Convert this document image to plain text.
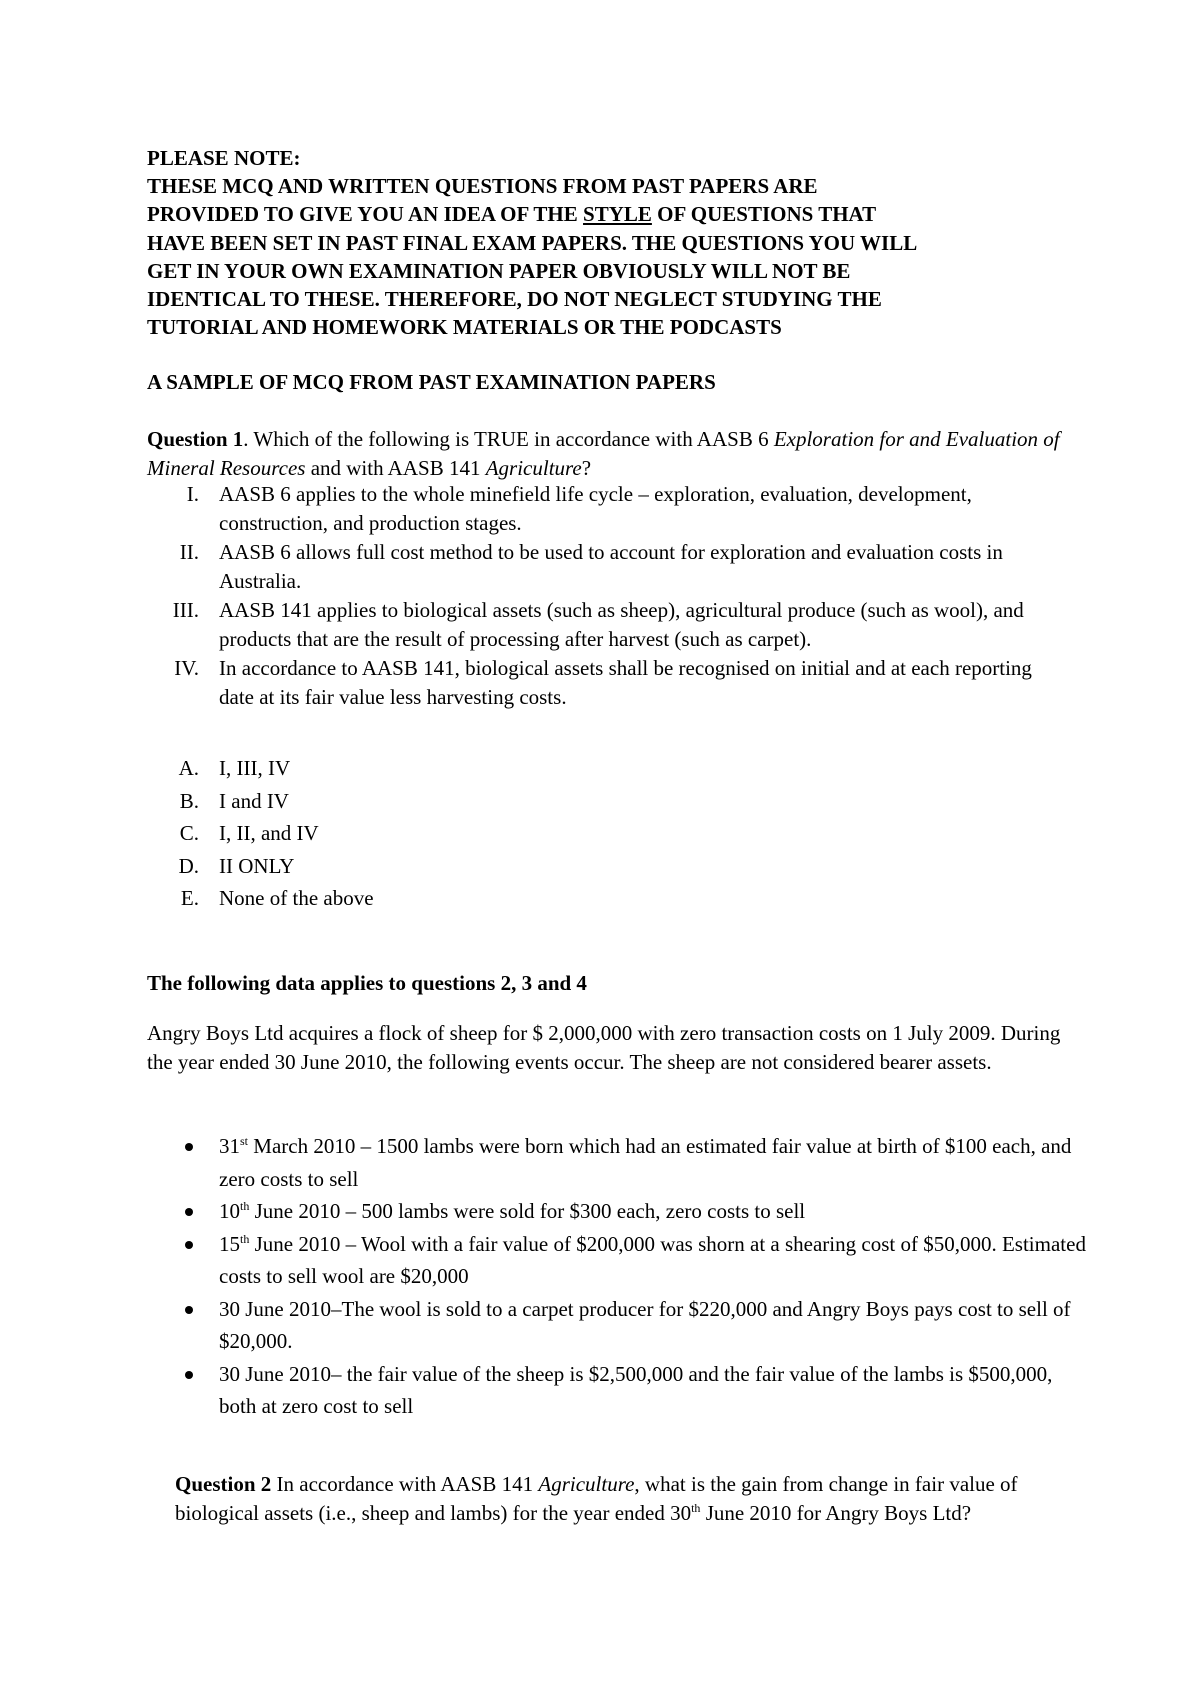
PLEASE NOTE:
THESE MCQ AND WRITTEN QUESTIONS FROM PAST PAPERS ARE
PROVIDED TO GIVE YOU AN IDEA OF THE STYLE OF QUESTIONS THAT
HAVE BEEN SET IN PAST FINAL EXAM PAPERS. THE QUESTIONS YOU WILL
GET IN YOUR OWN EXAMINATION PAPER OBVIOUSLY WILL NOT BE
IDENTICAL TO THESE. THEREFORE, DO NOT NEGLECT STUDYING THE
TUTORIAL AND HOMEWORK MATERIALS OR THE PODCASTS

A SAMPLE OF MCQ FROM PAST EXAMINATION PAPERS

Question 1. Which of the following is TRUE in accordance with AASB 6 Exploration for and Evaluation of Mineral Resources and with AASB 141 Agriculture?

I. AASB 6 applies to the whole minefield life cycle – exploration, evaluation, development, construction, and production stages.
II. AASB 6 allows full cost method to be used to account for exploration and evaluation costs in Australia.
III. AASB 141 applies to biological assets (such as sheep), agricultural produce (such as wool), and products that are the result of processing after harvest (such as carpet).
IV. In accordance to AASB 141, biological assets shall be recognised on initial and at each reporting date at its fair value less harvesting costs.
A. I, III, IV
B. I and IV
C. I, II, and IV
D. II ONLY
E. None of the above

The following data applies to questions 2, 3 and 4

Angry Boys Ltd acquires a flock of sheep for $ 2,000,000 with zero transaction costs on 1 July 2009. During the year ended 30 June 2010, the following events occur. The sheep are not considered bearer assets.

31st March 2010 – 1500 lambs were born which had an estimated fair value at birth of $100 each, and zero costs to sell
10th June 2010 – 500 lambs were sold for $300 each, zero costs to sell
15th June 2010 – Wool with a fair value of $200,000 was shorn at a shearing cost of $50,000. Estimated costs to sell wool are $20,000
30 June 2010–The wool is sold to a carpet producer for $220,000 and Angry Boys pays cost to sell of $20,000.
30 June 2010– the fair value of the sheep is $2,500,000 and the fair value of the lambs is $500,000, both at zero cost to sell

Question 2 In accordance with AASB 141 Agriculture, what is the gain from change in fair value of biological assets (i.e., sheep and lambs) for the year ended 30th June 2010 for Angry Boys Ltd?
